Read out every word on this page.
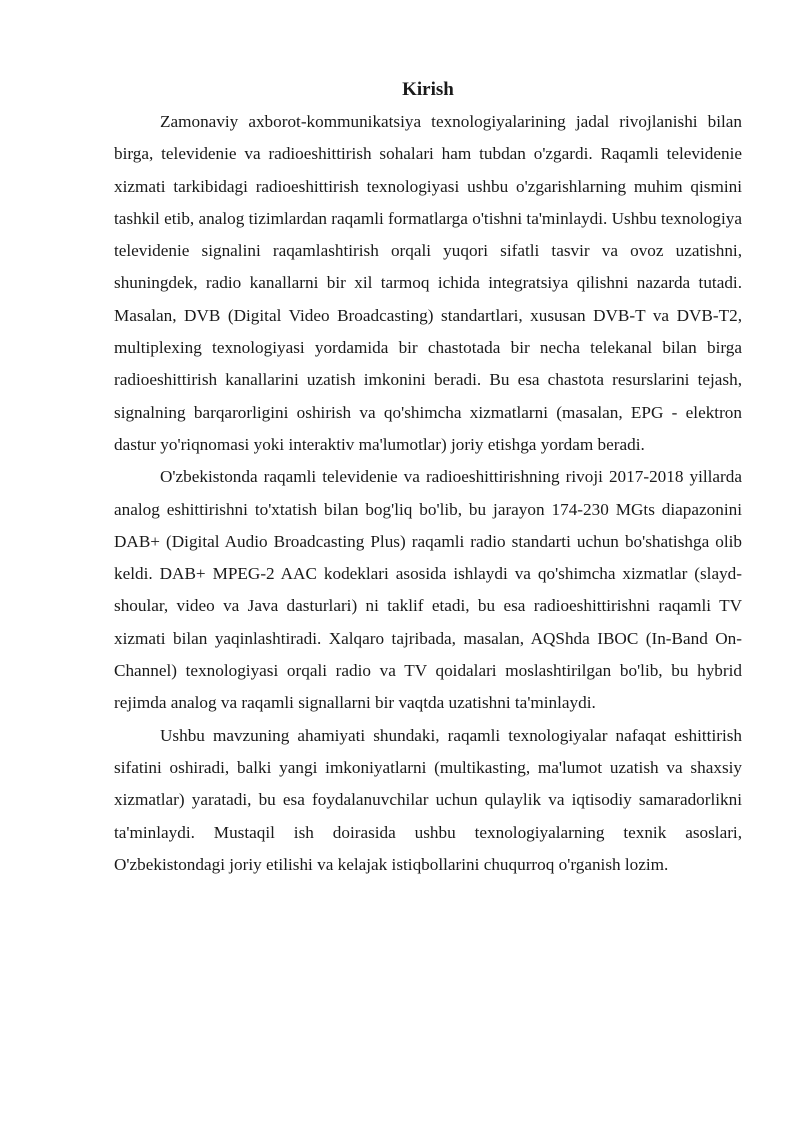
Kirish

Zamonaviy axborot-kommunikatsiya texnologiyalarining jadal rivojlanishi bilan birga, televidenie va radioeshittirish sohalari ham tubdan o'zgardi. Raqamli televidenie xizmati tarkibidagi radioeshittirish texnologiyasi ushbu o'zgarishlarning muhim qismini tashkil etib, analog tizimlardan raqamli formatlarga o'tishni ta'minlaydi. Ushbu texnologiya televidenie signalini raqamlashtirish orqali yuqori sifatli tasvir va ovoz uzatishni, shuningdek, radio kanallarni bir xil tarmoq ichida integratsiya qilishni nazarda tutadi. Masalan, DVB (Digital Video Broadcasting) standartlari, xususan DVB-T va DVB-T2, multiplexing texnologiyasi yordamida bir chastotada bir necha telekanal bilan birga radioeshittirish kanallarini uzatish imkonini beradi. Bu esa chastota resurslarini tejash, signalning barqarorligini oshirish va qo'shimcha xizmatlarni (masalan, EPG - elektron dastur yo'riqnomasi yoki interaktiv ma'lumotlar) joriy etishga yordam beradi.

O'zbekistonda raqamli televidenie va radioeshittirishning rivoji 2017-2018 yillarda analog eshittirishni to'xtatish bilan bog'liq bo'lib, bu jarayon 174-230 MGts diapazonini DAB+ (Digital Audio Broadcasting Plus) raqamli radio standarti uchun bo'shatishga olib keldi. DAB+ MPEG-2 AAC kodeklari asosida ishlaydi va qo'shimcha xizmatlar (slayd-shoular, video va Java dasturlari) ni taklif etadi, bu esa radioeshittirishni raqamli TV xizmati bilan yaqinlashtiradi. Xalqaro tajribada, masalan, AQShda IBOC (In-Band On-Channel) texnologiyasi orqali radio va TV qoidalari moslashtirilgan bo'lib, bu hybrid rejimda analog va raqamli signallarni bir vaqtda uzatishni ta'minlaydi.

Ushbu mavzuning ahamiyati shundaki, raqamli texnologiyalar nafaqat eshittirish sifatini oshiradi, balki yangi imkoniyatlarni (multikasting, ma'lumot uzatish va shaxsiy xizmatlar) yaratadi, bu esa foydalanuvchilar uchun qulaylik va iqtisodiy samaradorlikni ta'minlaydi. Mustaqil ish doirasida ushbu texnologiyalarning texnik asoslari, O'zbekistondagi joriy etilishi va kelajak istiqbollarini chuqurroq o'rganish lozim.
